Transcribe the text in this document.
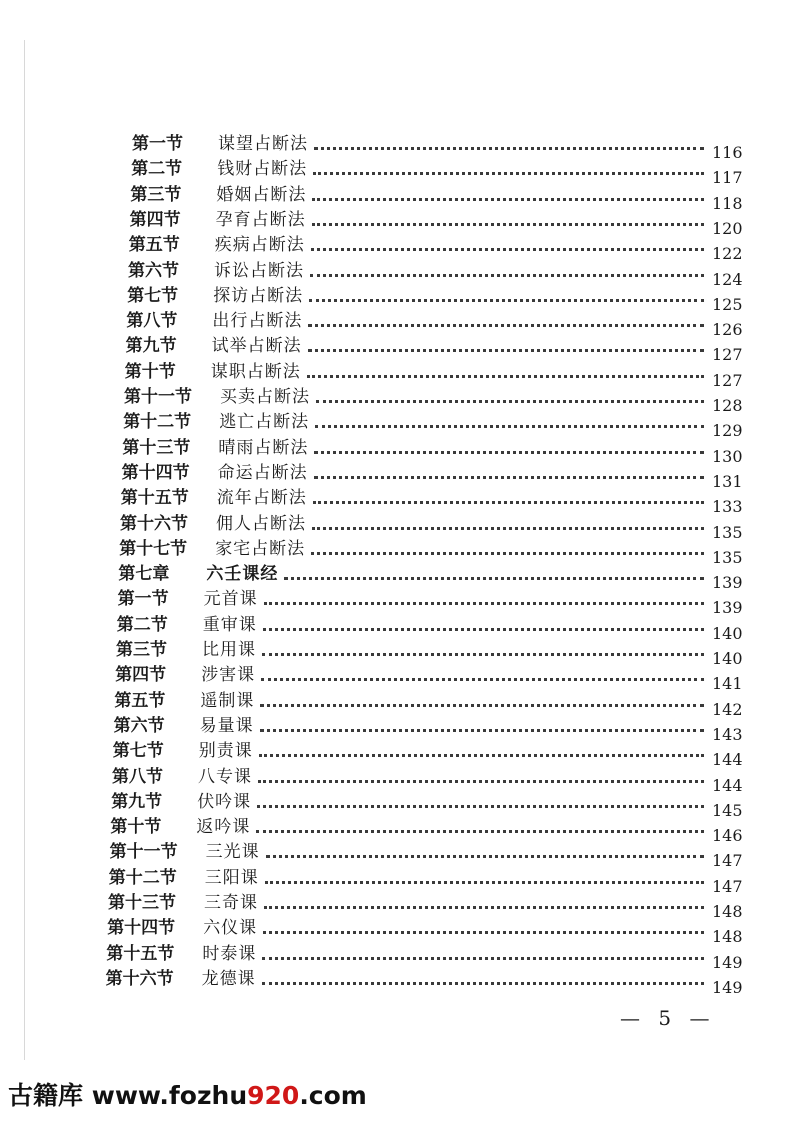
第一节	谋望占断法	116
第二节	钱财占断法	117
第三节	婚姻占断法	118
第四节	孕育占断法	120
第五节	疾病占断法	122
第六节	诉讼占断法	124
第七节	探访占断法	125
第八节	出行占断法	126
第九节	试举占断法	127
第十节	谋职占断法	127
第十一节	买卖占断法	128
第十二节	逃亡占断法	129
第十三节	晴雨占断法	130
第十四节	命运占断法	131
第十五节	流年占断法	133
第十六节	佣人占断法	135
第十七节	家宅占断法	135
第七章	六壬课经	139
第一节	元首课	139
第二节	重审课	140
第三节	比用课	140
第四节	涉害课	141
第五节	遥制课	142
第六节	易量课	143
第七节	别责课	144
第八节	八专课	144
第九节	伏吟课	145
第十节	返吟课	146
第十一节	三光课	147
第十二节	三阳课	147
第十三节	三奇课	148
第十四节	六仪课	148
第十五节	时泰课	149
第十六节	龙德课	149
— 5 —
古籍库 www.fozhu920.com
